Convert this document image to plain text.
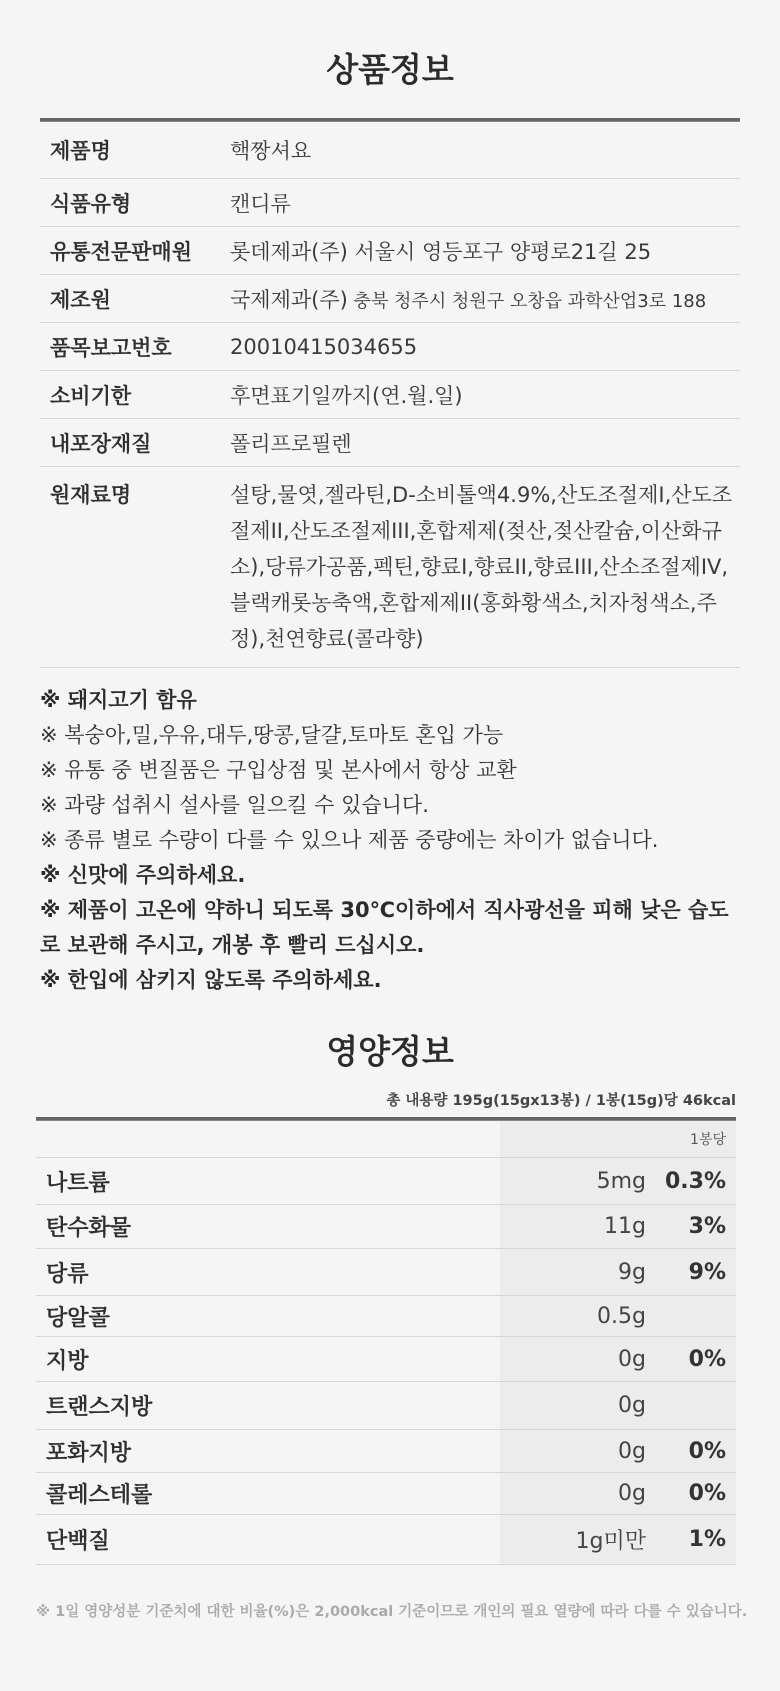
상품정보
제품명	핵짱셔요
식품유형	캔디류
유통전문판매원	롯데제과(주) 서울시 영등포구 양평로21길 25
제조원	국제제과(주) 충북 청주시 청원구 오창읍 과학산업3로 188
품목보고번호	20010415034655
소비기한	후면표기일까지(연.월.일)
내포장재질	폴리프로필렌
원재료명	설탕,물엿,젤라틴,D-소비톨액4.9%,산도조절제I,산도조절제II,산도조절제III,혼합제제(젖산,젖산칼슘,이산화규소),당류가공품,펙틴,향료I,향료II,향료III,산소조절제IV,블랙캐롯농축액,혼합제제II(홍화황색소,치자청색소,주정),천연향료(콜라향)
※ 돼지고기 함유
※ 복숭아,밀,우유,대두,땅콩,달걀,토마토 혼입 가능
※ 유통 중 변질품은 구입상점 및 본사에서 항상 교환
※ 과량 섭취시 설사를 일으킬 수 있습니다.
※ 종류 별로 수량이 다를 수 있으나 제품 중량에는 차이가 없습니다.
※ 신맛에 주의하세요.
※ 제품이 고온에 약하니 되도록 30℃이하에서 직사광선을 피해 낮은 습도로 보관해 주시고, 개봉 후 빨리 드십시오.
※ 한입에 삼키지 않도록 주의하세요.
영양정보
총 내용량 195g(15gx13봉) / 1봉(15g)당 46kcal
1봉당
나트륨	5mg 0.3%
탄수화물	11g	3%
당류	9g	9%
당알콜	0.5g
지방	0g	0%
트랜스지방	0g
포화지방	0g	0%
콜레스테롤	0g	0%
단백질	1g미만	1%
※ 1일 영양성분 기준치에 대한 비율(%)은 2,000kcal 기준이므로 개인의 필요 열량에 따라 다를 수 있습니다.
